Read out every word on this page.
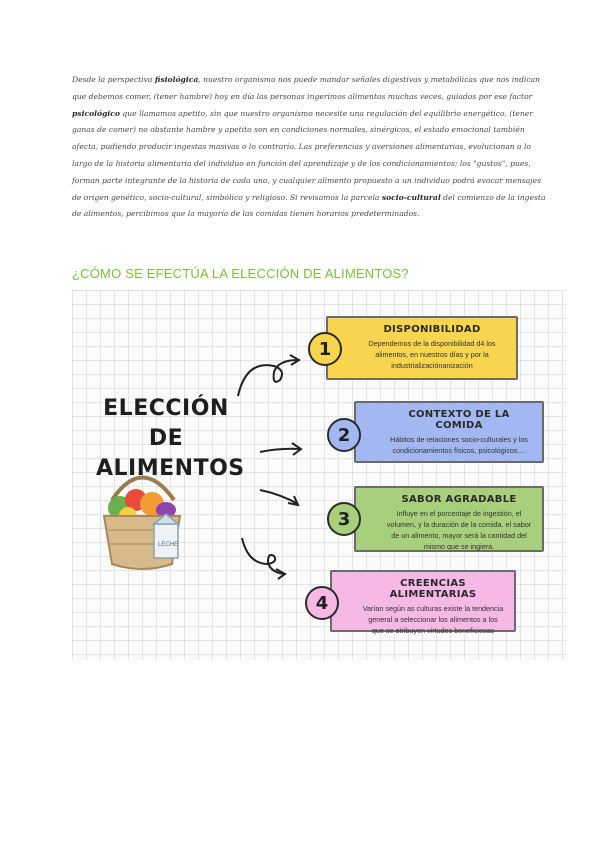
Desde la perspectiva fisiológica, nuestro organismo nos puede mandar señales digestivas y metabólicas que nos indican que debemos comer, (tener hambre) hoy en día las personas ingerimos alimentos muchas veces, guiados por ese factor psicológico que llamamos apetito, sin que nuestro organismo necesite una regulación del equilibrio energético, (tener ganas de comer) no obstante hambre y apetito son en condiciones normales, sinérgicos, el estado emocional también afecta, pudiendo producir ingestas masivas o lo contrario. Las preferencias y aversiones alimentarias, evolucionan a lo largo de la historia alimentaria del individuo en función del aprendizaje y de los condicionamientos; los "gustos", pues, forman parte integrante de la historia de cada uno, y cualquier alimento propuesto a un individuo podrá evocar mensajes de origen genético, socio-cultural, simbólico y religioso. Si revisamos la parcela socio-cultural del comienzo de la ingesta de alimentos, percibimos que la mayoría de las comidas tienen horarios predeterminados.
¿CÓMO SE EFECTÚA LA ELECCIÓN DE ALIMENTOS?
ELECCIÓN DE ALIMENTOS
LECHE
DISPONIBILIDAD
Dependemos de la disponibilidad d4 los alimentos, en nuestros días y por la industrializaciónanización
1
CONTEXTO DE LA COMIDA
Hábitos de relaciones socio-culturales y los condicionamientos físicos, psicológicos....
2
SABOR AGRADABLE
Influye en el porcentaje de ingestión, el volumen, y la duración de la comida. el sabor de un alimento, mayor será la cantidad del mismo que se ingiera.
3
CREENCIAS ALIMENTARIAS
Varían según as culturas existe la tendencia general a seleccionar los alimentos a los que se atribuyen virtudes beneficiosas
4
